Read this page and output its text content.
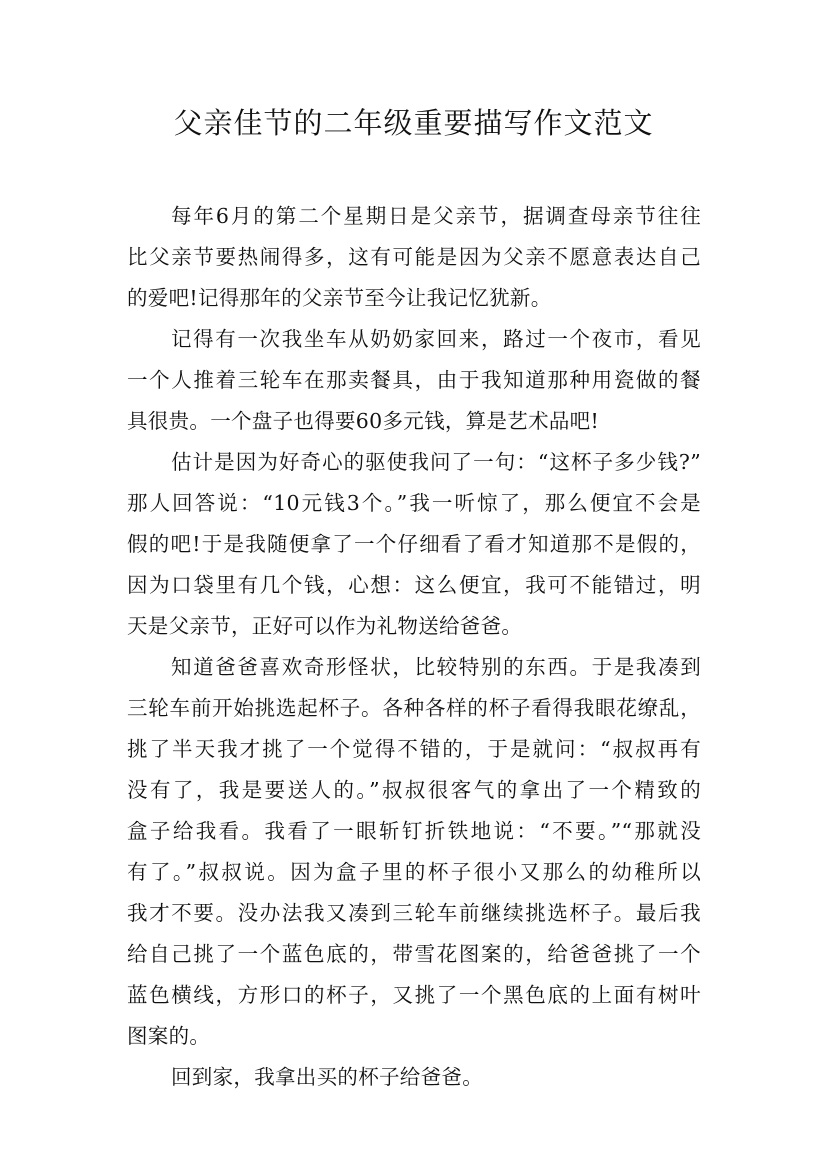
父亲佳节的二年级重要描写作文范文
每年6月的第二个星期日是父亲节，据调查母亲节往往
比父亲节要热闹得多，这有可能是因为父亲不愿意表达自己
的爱吧!记得那年的父亲节至今让我记忆犹新。
记得有一次我坐车从奶奶家回来，路过一个夜市，看见
一个人推着三轮车在那卖餐具，由于我知道那种用瓷做的餐
具很贵。一个盘子也得要60多元钱，算是艺术品吧!
估计是因为好奇心的驱使我问了一句：“这杯子多少钱?”
那人回答说：“10元钱3个。”我一听惊了，那么便宜不会是
假的吧!于是我随便拿了一个仔细看了看才知道那不是假的，
因为口袋里有几个钱，心想：这么便宜，我可不能错过，明
天是父亲节，正好可以作为礼物送给爸爸。
知道爸爸喜欢奇形怪状，比较特别的东西。于是我凑到
三轮车前开始挑选起杯子。各种各样的杯子看得我眼花缭乱，
挑了半天我才挑了一个觉得不错的，于是就问：“叔叔再有
没有了，我是要送人的。”叔叔很客气的拿出了一个精致的
盒子给我看。我看了一眼斩钉折铁地说：“不要。”“那就没
有了。”叔叔说。因为盒子里的杯子很小又那么的幼稚所以
我才不要。没办法我又凑到三轮车前继续挑选杯子。最后我
给自己挑了一个蓝色底的，带雪花图案的，给爸爸挑了一个
蓝色横线，方形口的杯子，又挑了一个黑色底的上面有树叶
图案的。
回到家，我拿出买的杯子给爸爸。
